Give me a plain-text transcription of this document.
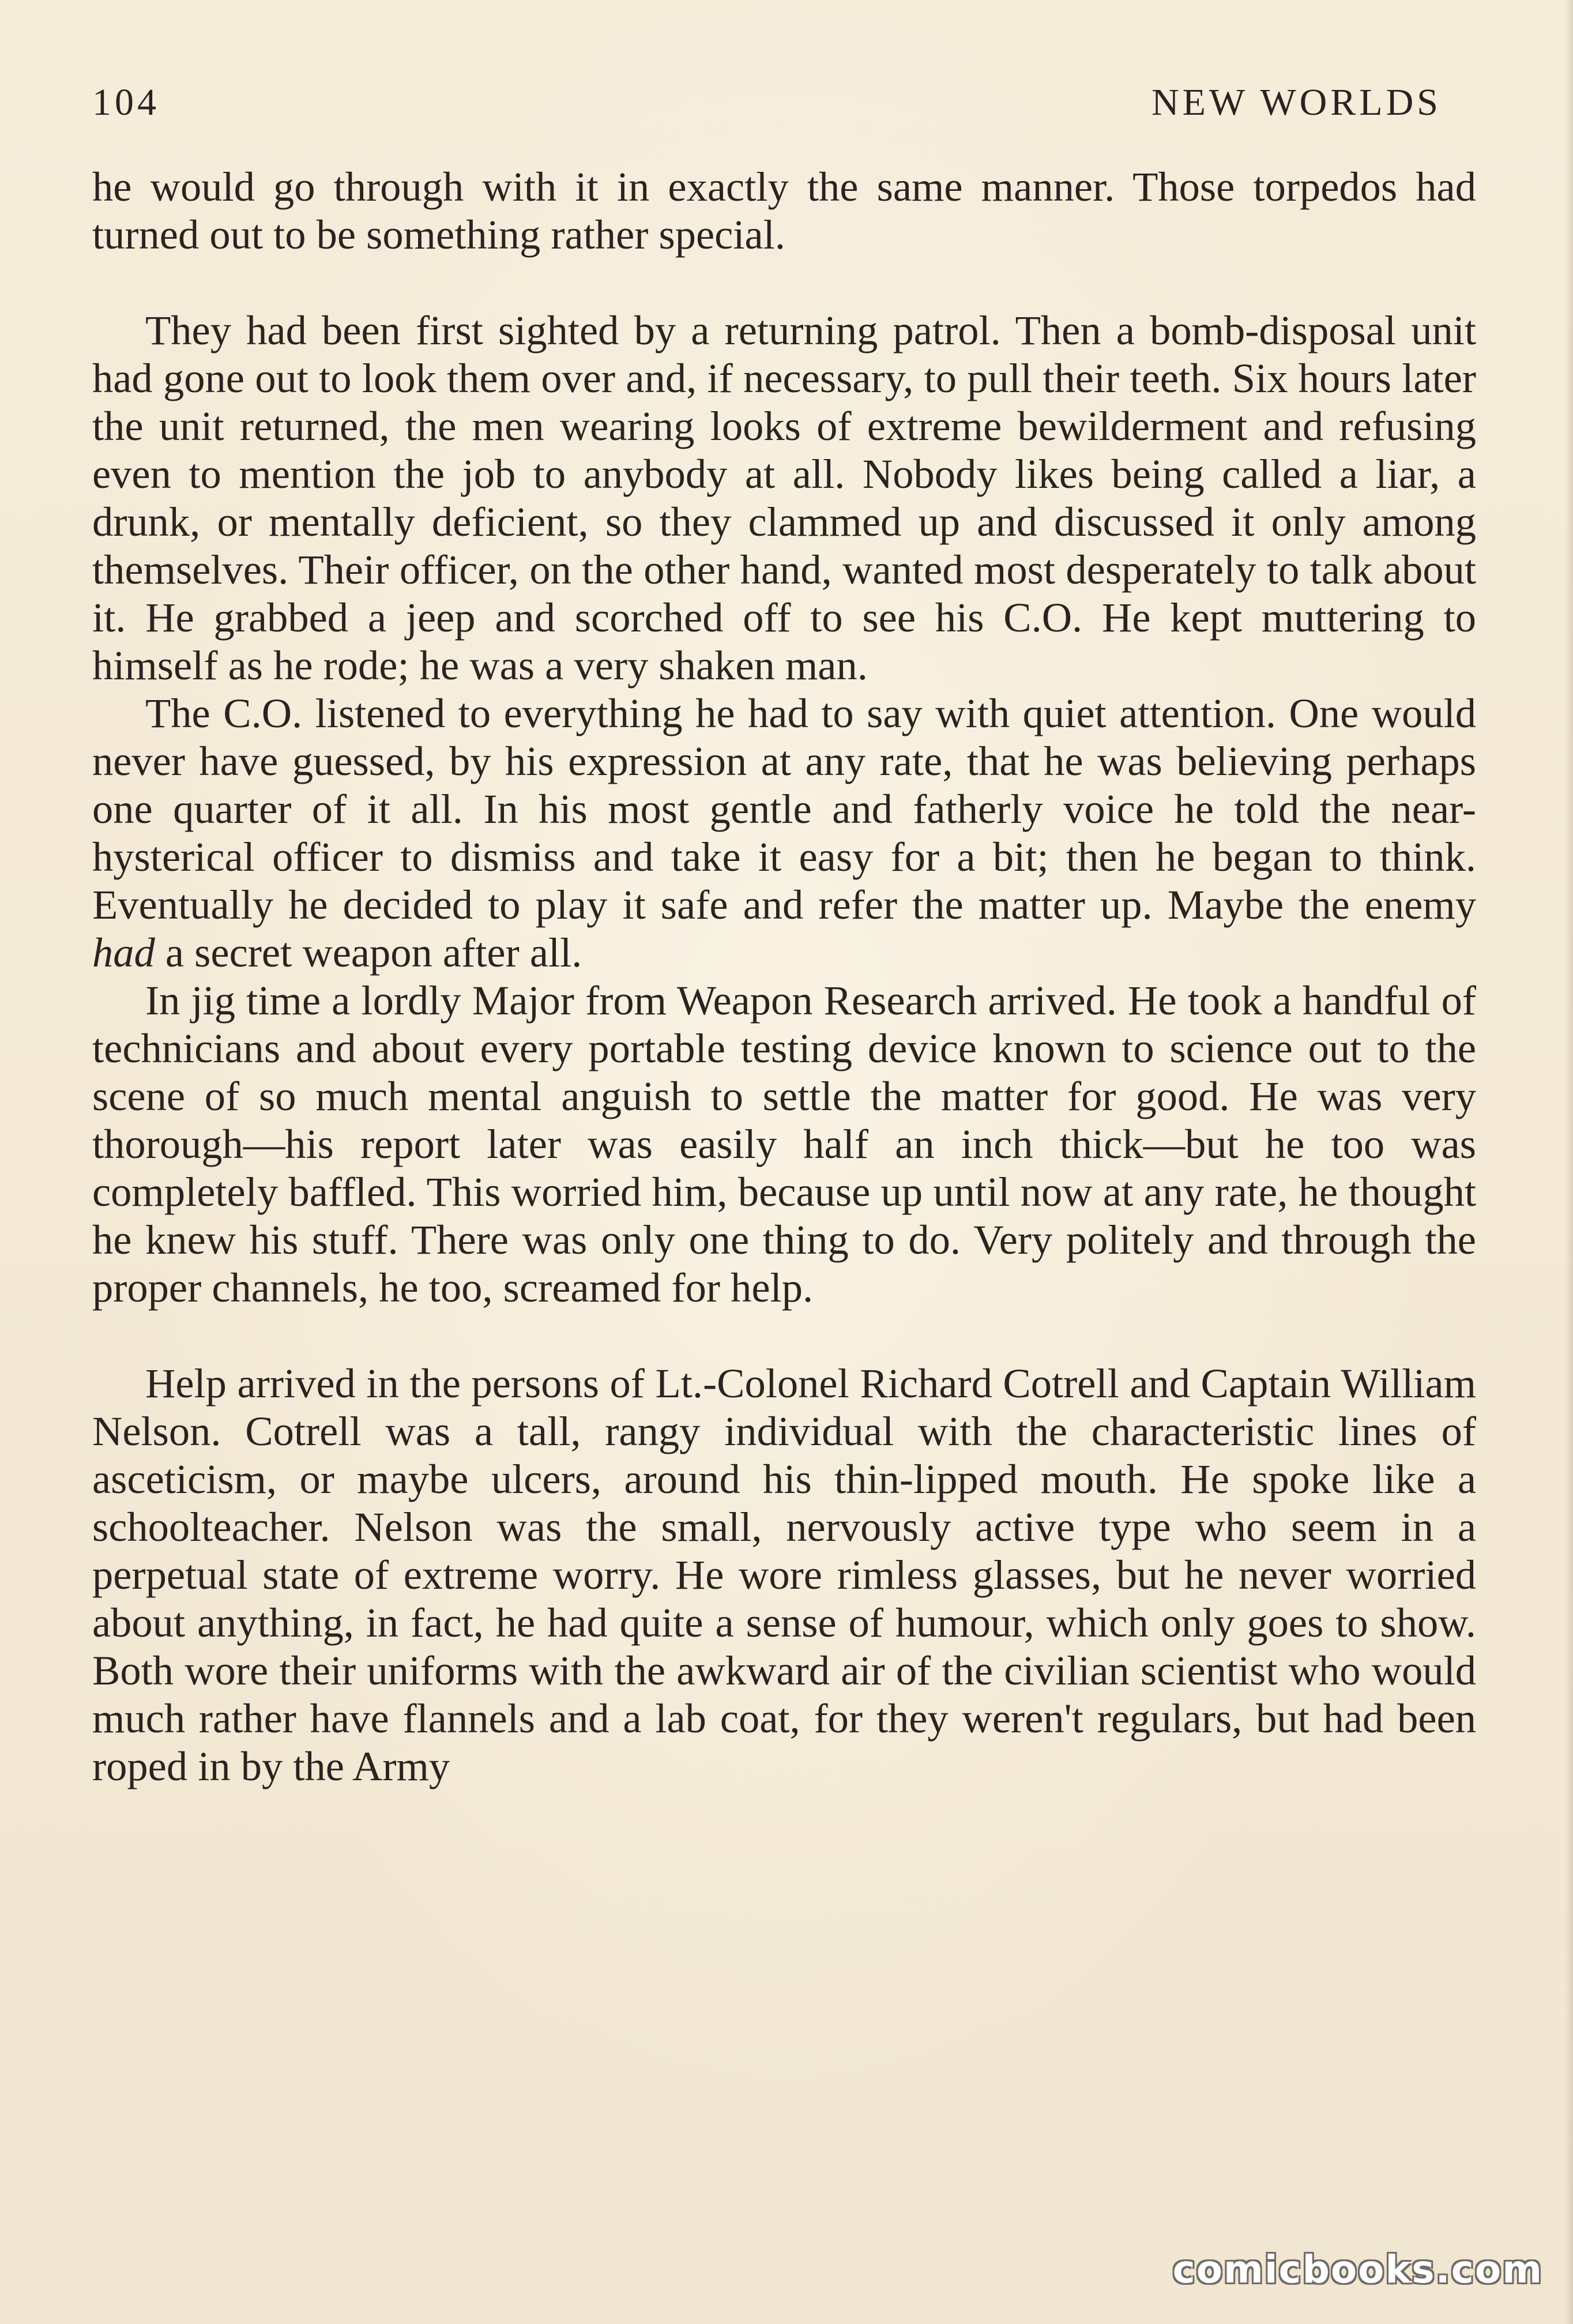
104	NEW WORLDS

he would go through with it in exactly the same manner. Those torpedos had turned out to be something rather special.

They had been first sighted by a returning patrol. Then a bomb-disposal unit had gone out to look them over and, if necessary, to pull their teeth. Six hours later the unit returned, the men wearing looks of extreme bewilderment and refusing even to mention the job to anybody at all. Nobody likes being called a liar, a drunk, or mentally deficient, so they clammed up and discussed it only among themselves. Their officer, on the other hand, wanted most desperately to talk about it. He grabbed a jeep and scorched off to see his C.O. He kept muttering to himself as he rode; he was a very shaken man.

The C.O. listened to everything he had to say with quiet attention. One would never have guessed, by his expression at any rate, that he was believing perhaps one quarter of it all. In his most gentle and fatherly voice he told the near-hysterical officer to dismiss and take it easy for a bit; then he began to think. Eventually he decided to play it safe and refer the matter up. Maybe the enemy had a secret weapon after all.

In jig time a lordly Major from Weapon Research arrived. He took a handful of technicians and about every portable testing device known to science out to the scene of so much mental anguish to settle the matter for good. He was very thorough—his report later was easily half an inch thick—but he too was completely baffled. This worried him, because up until now at any rate, he thought he knew his stuff. There was only one thing to do. Very politely and through the proper channels, he too, screamed for help.

Help arrived in the persons of Lt.-Colonel Richard Cotrell and Captain William Nelson. Cotrell was a tall, rangy individual with the characteristic lines of asceticism, or maybe ulcers, around his thin-lipped mouth. He spoke like a schoolteacher. Nelson was the small, nervously active type who seem in a perpetual state of extreme worry. He wore rimless glasses, but he never worried about anything, in fact, he had quite a sense of humour, which only goes to show. Both wore their uniforms with the awkward air of the civilian scientist who would much rather have flannels and a lab coat, for they weren't regulars, but had been roped in by the Army

comicbooks.com
